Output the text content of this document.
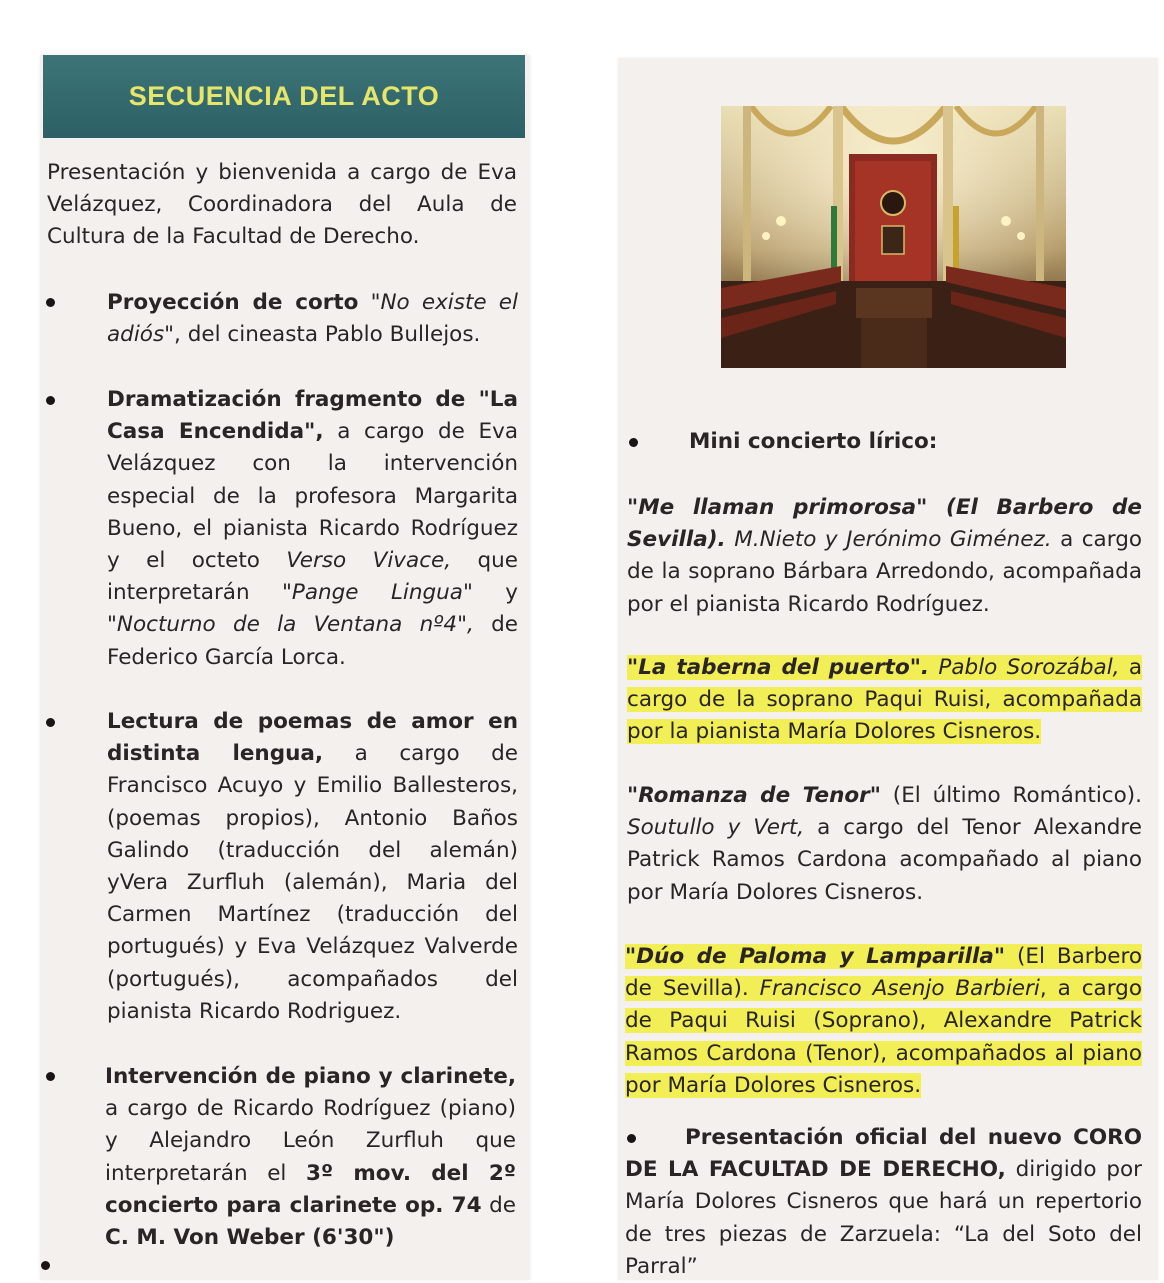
SECUENCIA DEL ACTO

Presentación y bienvenida a cargo de Eva Velázquez, Coordinadora del Aula de Cultura de la Facultad de Derecho.

Proyección de corto "No existe el adiós", del cineasta Pablo Bullejos.

Dramatización fragmento de "La Casa Encendida", a cargo de Eva Velázquez con la intervención especial de la profesora Margarita Bueno, el pianista Ricardo Rodríguez y el octeto Verso Vivace, que interpretarán "Pange Lingua" y "Nocturno de la Ventana nº4", de Federico García Lorca.

Lectura de poemas de amor en distinta lengua, a cargo de Francisco Acuyo y Emilio Ballesteros, (poemas propios), Antonio Baños Galindo (traducción del alemán) yVera Zurfluh (alemán), Maria del Carmen Martínez (traducción del portugués) y Eva Velázquez Valverde (portugués), acompañados del pianista Ricardo Rodriguez.

Intervención de piano y clarinete, a cargo de Ricardo Rodríguez (piano) y Alejandro León Zurfluh que interpretarán el 3º mov. del 2º concierto para clarinete op. 74 de C. M. Von Weber (6'30")

Mini concierto lírico:

"Me llaman primorosa" (El Barbero de Sevilla). M.Nieto y Jerónimo Giménez. a cargo de la soprano Bárbara Arredondo, acompañada por el pianista Ricardo Rodríguez.

"La taberna del puerto". Pablo Sorozábal, a cargo de la soprano Paqui Ruisi, acompañada por la pianista María Dolores Cisneros.

"Romanza de Tenor" (El último Romántico). Soutullo y Vert, a cargo del Tenor Alexandre Patrick Ramos Cardona acompañado al piano por María Dolores Cisneros.

"Dúo de Paloma y Lamparilla" (El Barbero de Sevilla). Francisco Asenjo Barbieri, a cargo de Paqui Ruisi (Soprano), Alexandre Patrick Ramos Cardona (Tenor), acompañados al piano por María Dolores Cisneros.

Presentación oficial del nuevo CORO DE LA FACULTAD DE DERECHO, dirigido por María Dolores Cisneros que hará un repertorio de tres piezas de Zarzuela: “La del Soto del Parral”
